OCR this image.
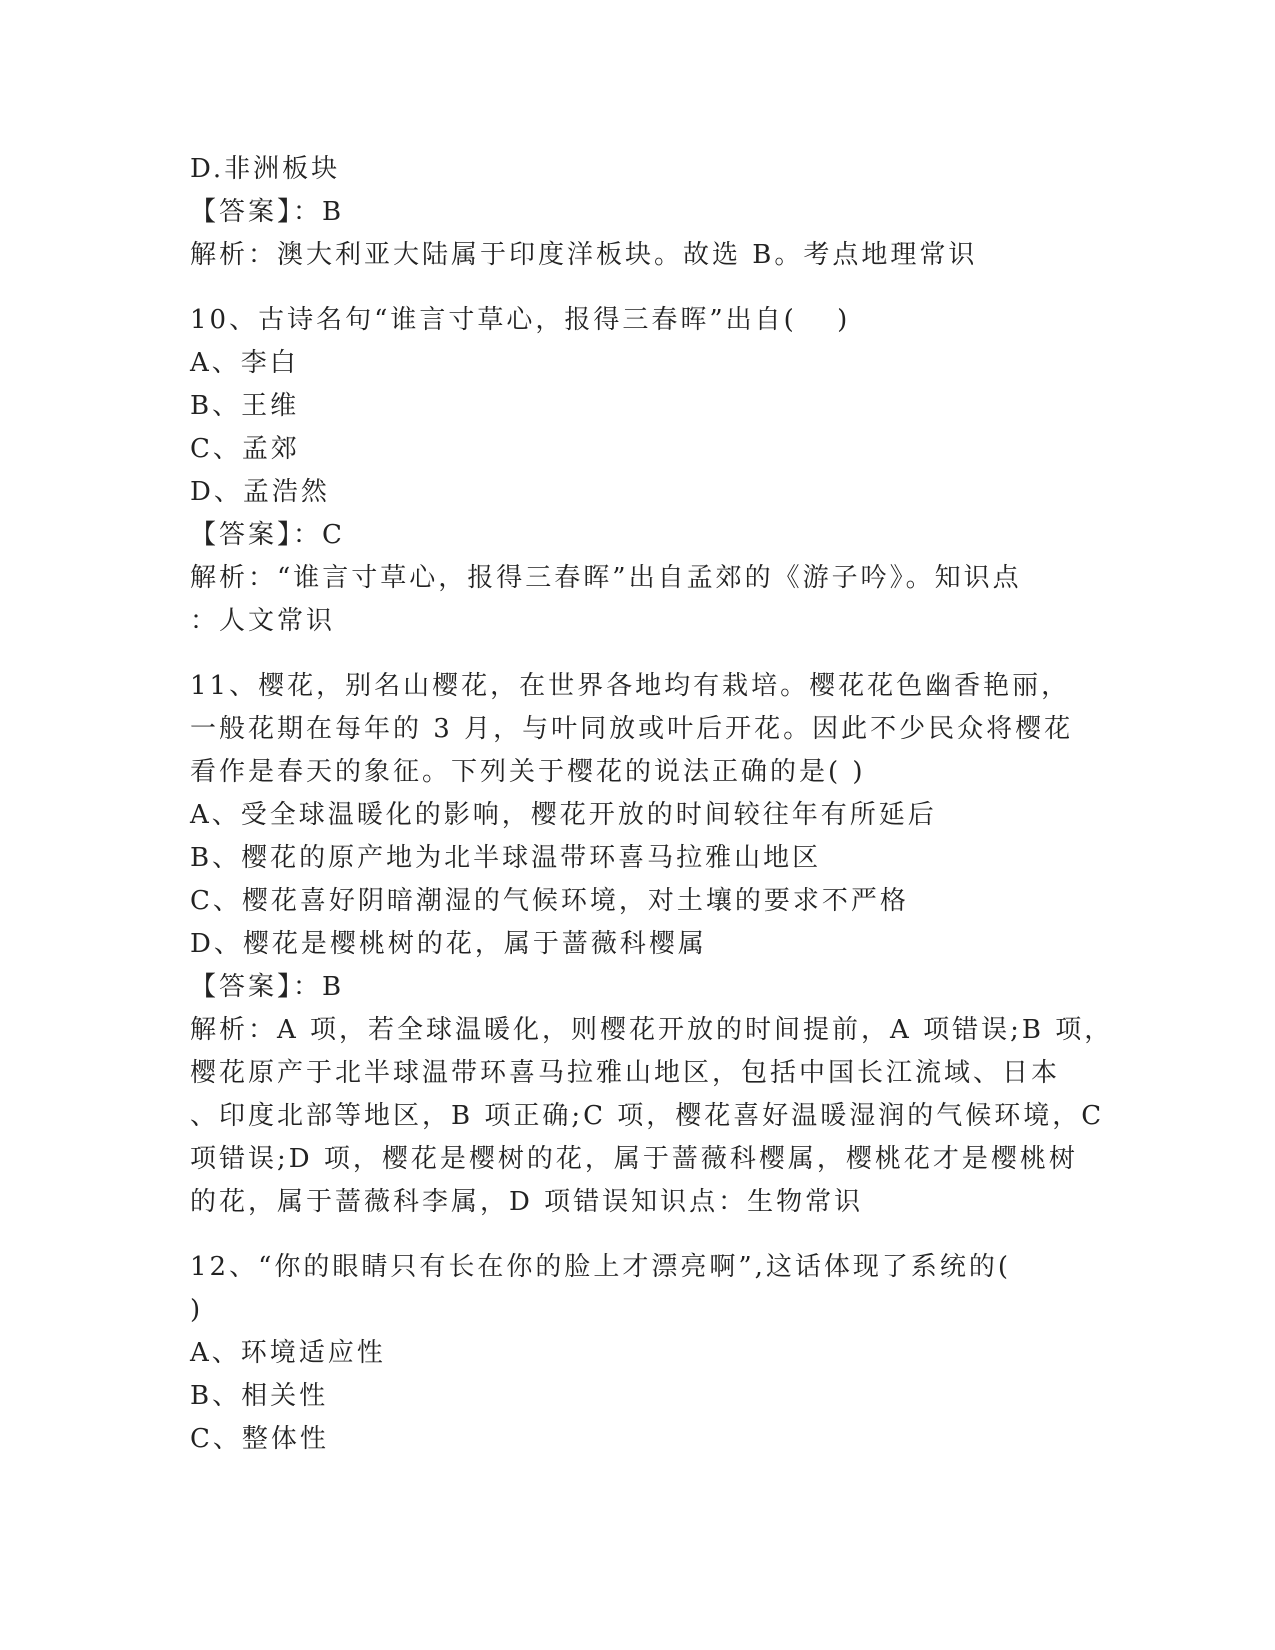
D.非洲板块
【答案】：B
解析：澳大利亚大陆属于印度洋板块。故选 B。考点地理常识
10、古诗名句“谁言寸草心，报得三春晖”出自(　 )
A、李白
B、王维
C、孟郊
D、孟浩然
【答案】：C
解析：“谁言寸草心，报得三春晖”出自孟郊的《游子吟》。知识点
：人文常识
11、樱花，别名山樱花，在世界各地均有栽培。樱花花色幽香艳丽，
一般花期在每年的 3 月，与叶同放或叶后开花。因此不少民众将樱花
看作是春天的象征。下列关于樱花的说法正确的是( )
A、受全球温暖化的影响，樱花开放的时间较往年有所延后
B、樱花的原产地为北半球温带环喜马拉雅山地区
C、樱花喜好阴暗潮湿的气候环境，对土壤的要求不严格
D、樱花是樱桃树的花，属于蔷薇科樱属
【答案】：B
解析：A 项，若全球温暖化，则樱花开放的时间提前，A 项错误;B 项，
樱花原产于北半球温带环喜马拉雅山地区，包括中国长江流域、日本
、印度北部等地区，B 项正确;C 项，樱花喜好温暖湿润的气候环境，C
项错误;D 项，樱花是樱树的花，属于蔷薇科樱属，樱桃花才是樱桃树
的花，属于蔷薇科李属，D 项错误知识点：生物常识
12、“你的眼睛只有长在你的脸上才漂亮啊”,这话体现了系统的(
)
A、环境适应性
B、相关性
C、整体性
